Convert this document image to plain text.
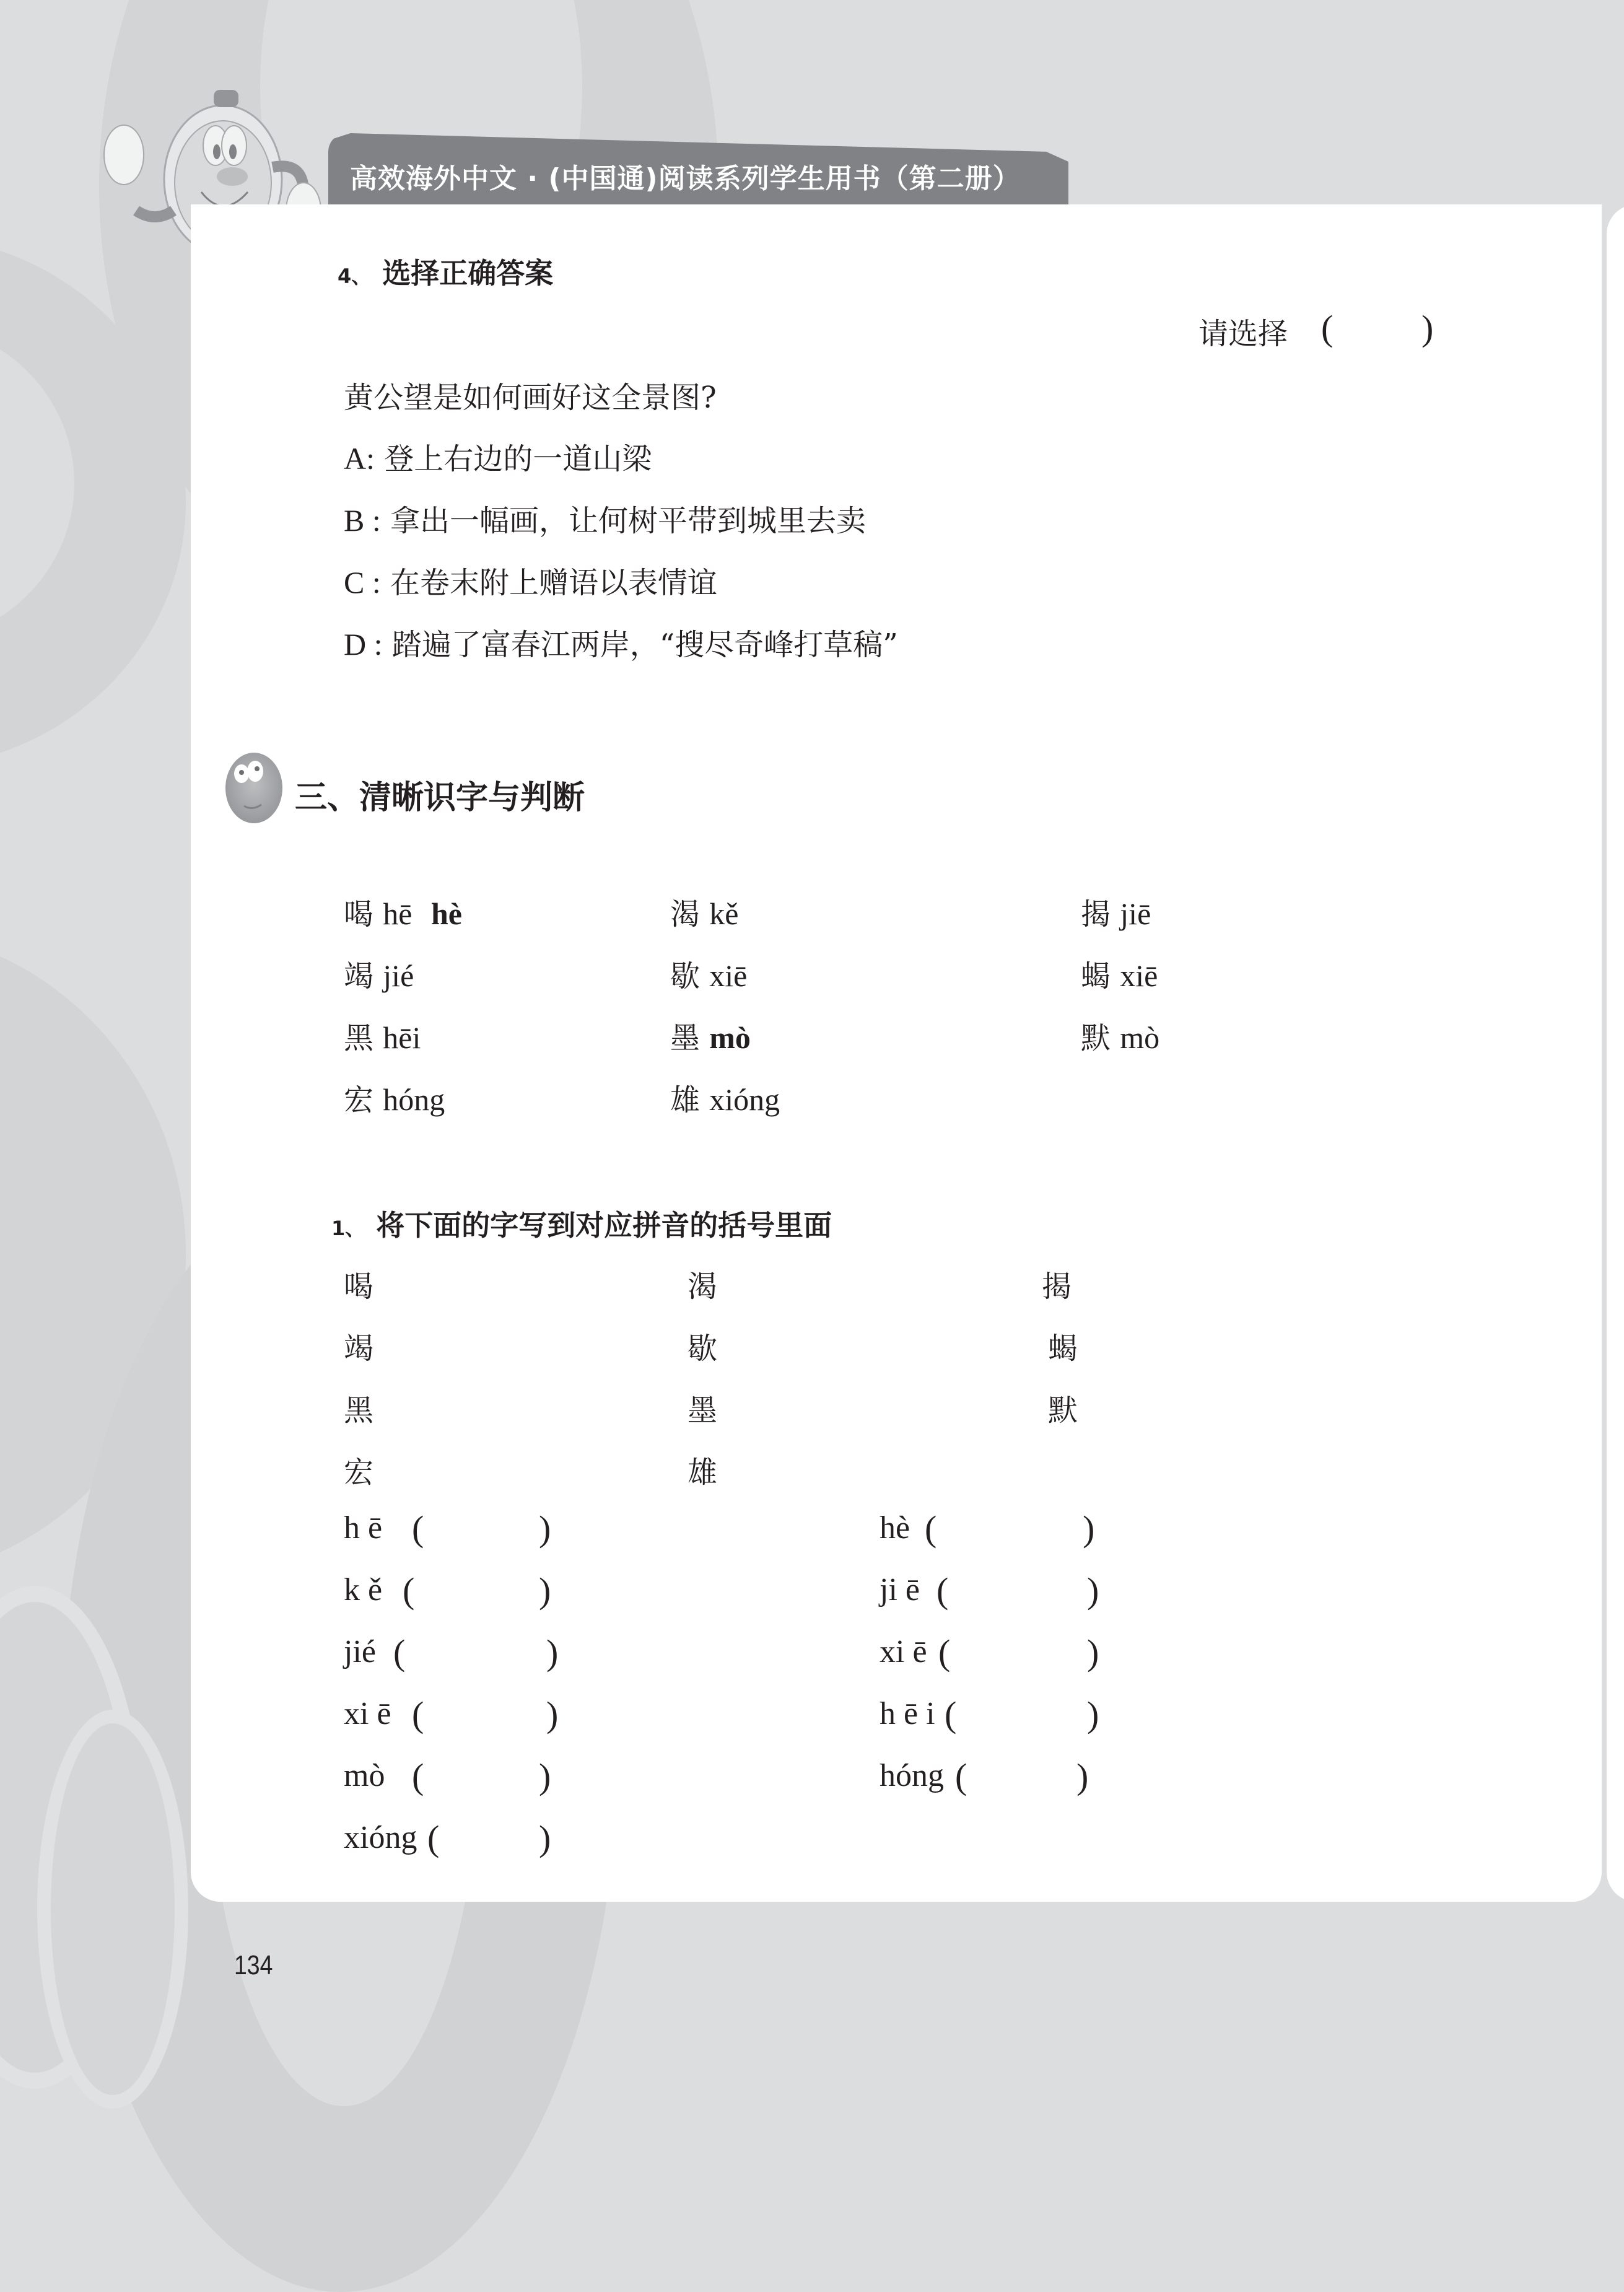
高效海外中文 · (中国通)阅读系列学生用书（第二册）
4、 选择正确答案
请选择 ( )
黄公望是如何画好这全景图?
A: 登上右边的一道山梁
B : 拿出一幅画，让何树平带到城里去卖
C : 在卷末附上赠语以表情谊
D : 踏遍了富春江两岸，“搜尽奇峰打草稿”
三、清晰识字与判断
喝 hē hè	渴 kě	揭 jiē
竭 jié	歇 xiē	蝎 xiē
黑 hēi	墨 mò	默 mò
宏 hóng	雄 xióng
1、 将下面的字写到对应拼音的括号里面
喝	渴	揭
竭	歇	蝎
黑	墨	默
宏	雄
h ē (	)	hè (	)
k ě (	)	ji ē (	)
jié (	)	xi ē (	)
xi ē (	)	h ē i (	)
mò (	)	hóng (	)
xióng (	)
134
